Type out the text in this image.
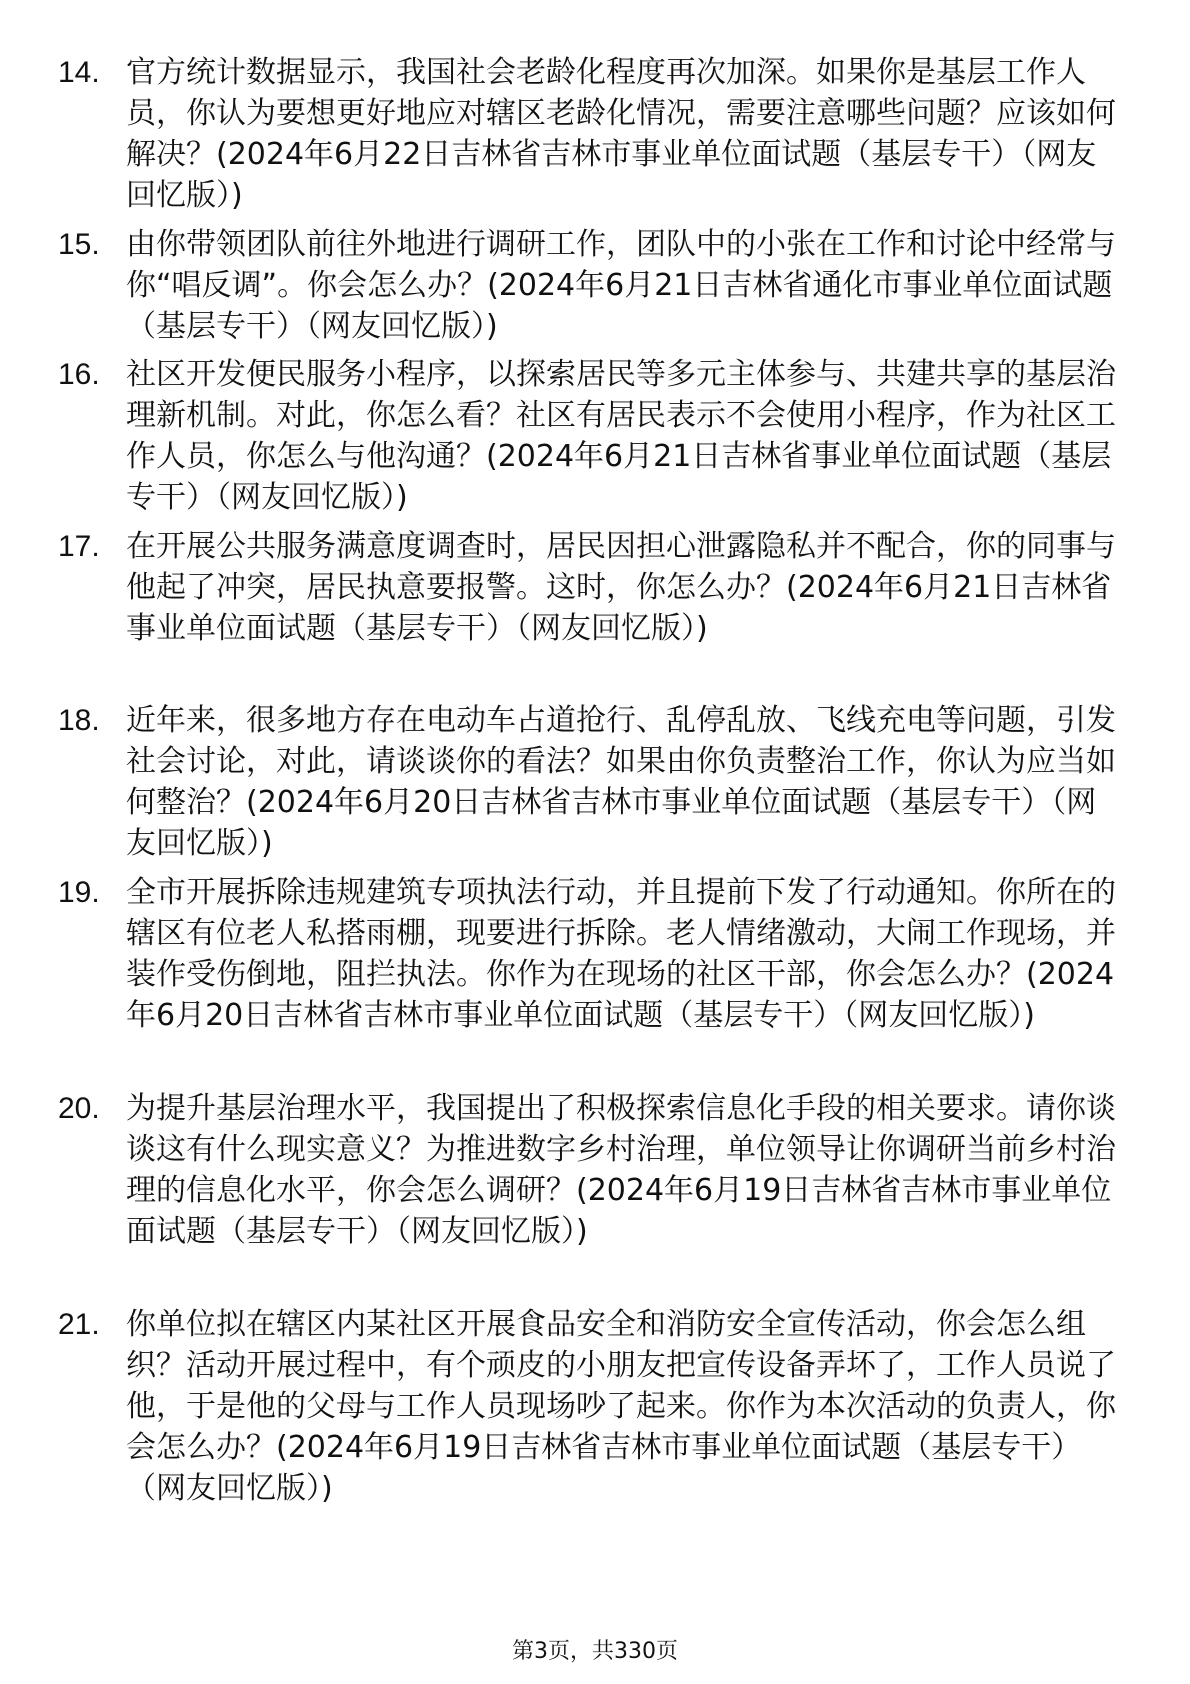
14. 官方统计数据显示，我国社会老龄化程度再次加深。如果你是基层工作人员，你认为要想更好地应对辖区老龄化情况，需要注意哪些问题？应该如何解决？(2024年6月22日吉林省吉林市事业单位面试题（基层专干）（网友回忆版）)
15. 由你带领团队前往外地进行调研工作，团队中的小张在工作和讨论中经常与你“唱反调”。你会怎么办？(2024年6月21日吉林省通化市事业单位面试题（基层专干）（网友回忆版）)
16. 社区开发便民服务小程序，以探索居民等多元主体参与、共建共享的基层治理新机制。对此，你怎么看？社区有居民表示不会使用小程序，作为社区工作人员，你怎么与他沟通？(2024年6月21日吉林省事业单位面试题（基层专干）（网友回忆版）)
17. 在开展公共服务满意度调查时，居民因担心泄露隐私并不配合，你的同事与他起了冲突，居民执意要报警。这时，你怎么办？(2024年6月21日吉林省事业单位面试题（基层专干）（网友回忆版）)
18. 近年来，很多地方存在电动车占道抢行、乱停乱放、飞线充电等问题，引发社会讨论，对此，请谈谈你的看法？如果由你负责整治工作，你认为应当如何整治？(2024年6月20日吉林省吉林市事业单位面试题（基层专干）（网友回忆版）)
19. 全市开展拆除违规建筑专项执法行动，并且提前下发了行动通知。你所在的辖区有位老人私搭雨棚，现要进行拆除。老人情绪激动，大闹工作现场，并装作受伤倒地，阻拦执法。你作为在现场的社区干部，你会怎么办？(2024年6月20日吉林省吉林市事业单位面试题（基层专干）（网友回忆版）)
20. 为提升基层治理水平，我国提出了积极探索信息化手段的相关要求。请你谈谈这有什么现实意义？为推进数字乡村治理，单位领导让你调研当前乡村治理的信息化水平，你会怎么调研？(2024年6月19日吉林省吉林市事业单位面试题（基层专干）（网友回忆版）)
21. 你单位拟在辖区内某社区开展食品安全和消防安全宣传活动，你会怎么组织？活动开展过程中，有个顽皮的小朋友把宣传设备弄坏了，工作人员说了他，于是他的父母与工作人员现场吵了起来。你作为本次活动的负责人，你会怎么办？(2024年6月19日吉林省吉林市事业单位面试题（基层专干）（网友回忆版）)
第3页，共330页
